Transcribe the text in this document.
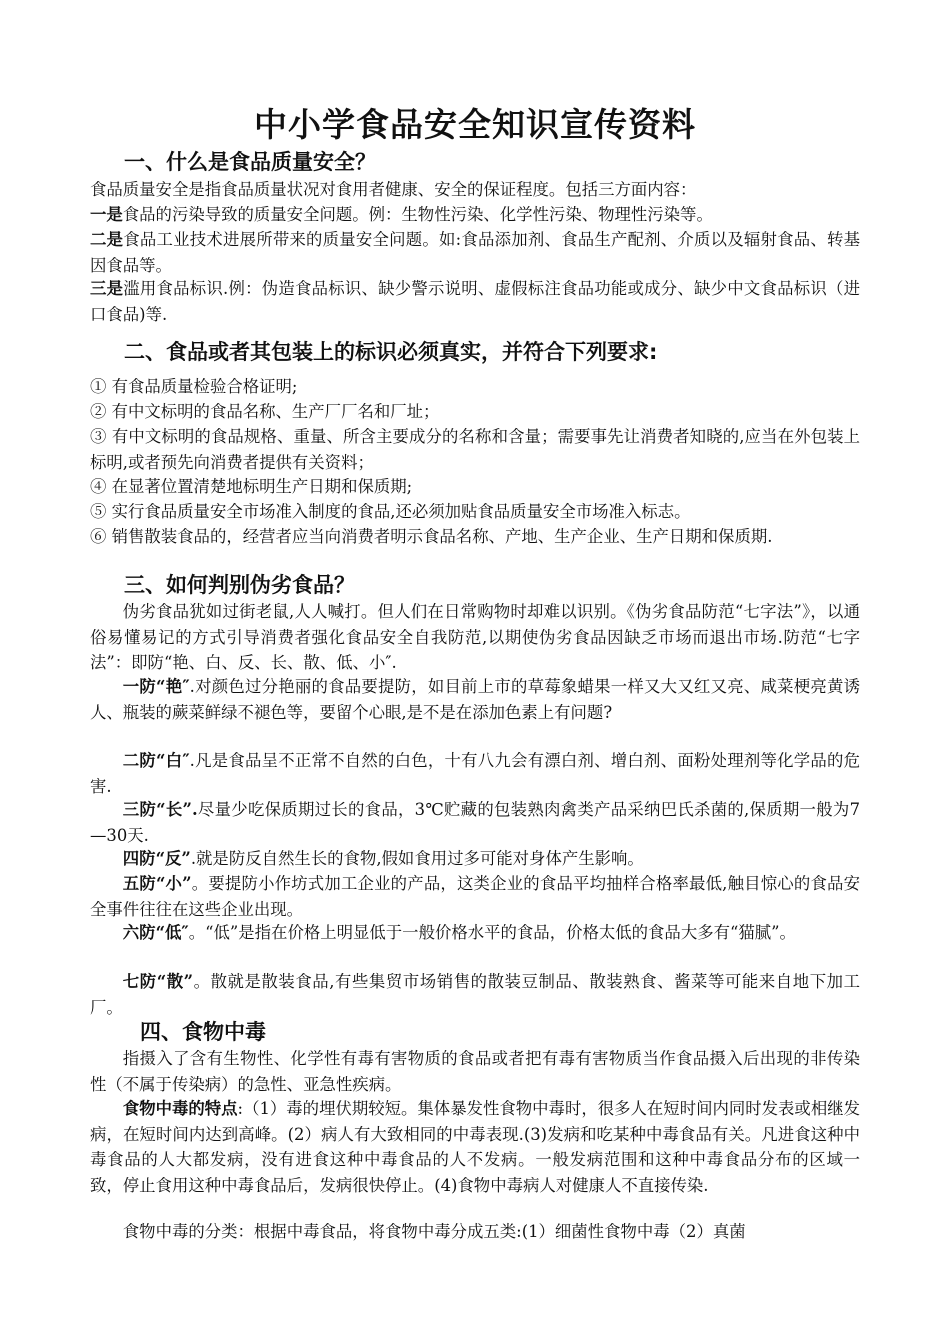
中小学食品安全知识宣传资料
一、什么是食品质量安全？

食品质量安全是指食品质量状况对食用者健康、安全的保证程度。包括三方面内容：

一是食品的污染导致的质量安全问题。例：生物性污染、化学性污染、物理性污染等。

二是食品工业技术进展所带来的质量安全问题。如:食品添加剂、食品生产配剂、介质以及辐射食品、转基因食品等。

三是滥用食品标识.例：伪造食品标识、缺少警示说明、虚假标注食品功能或成分、缺少中文食品标识（进口食品)等.

二、食品或者其包装上的标识必须真实，并符合下列要求:

① 有食品质量检验合格证明;

② 有中文标明的食品名称、生产厂厂名和厂址；

③ 有中文标明的食品规格、重量、所含主要成分的名称和含量；需要事先让消费者知晓的,应当在外包装上标明,或者预先向消费者提供有关资料；

④ 在显著位置清楚地标明生产日期和保质期;

⑤ 实行食品质量安全市场准入制度的食品,还必须加贴食品质量安全市场准入标志。

⑥ 销售散装食品的，经营者应当向消费者明示食品名称、产地、生产企业、生产日期和保质期.

三、如何判别伪劣食品？

伪劣食品犹如过街老鼠,人人喊打。但人们在日常购物时却难以识别。《伪劣食品防范“七字法”》，以通俗易懂易记的方式引导消费者强化食品安全自我防范,以期使伪劣食品因缺乏市场而退出市场.防范“七字法”：即防“艳、白、反、长、散、低、小″.

一防“艳″.对颜色过分艳丽的食品要提防，如目前上市的草莓象蜡果一样又大又红又亮、咸菜梗亮黄诱人、瓶装的蕨菜鲜绿不褪色等，要留个心眼,是不是在添加色素上有问题?

二防“白″.凡是食品呈不正常不自然的白色，十有八九会有漂白剂、增白剂、面粉处理剂等化学品的危害.

三防“长”.尽量少吃保质期过长的食品，3℃贮藏的包装熟肉禽类产品采纳巴氏杀菌的,保质期一般为7—30天.

四防“反”.就是防反自然生长的食物,假如食用过多可能对身体产生影响。

五防“小”。要提防小作坊式加工企业的产品，这类企业的食品平均抽样合格率最低,触目惊心的食品安全事件往往在这些企业出现。

六防“低″。“低”是指在价格上明显低于一般价格水平的食品，价格太低的食品大多有“猫腻”。

七防“散”。散就是散装食品,有些集贸市场销售的散装豆制品、散装熟食、酱菜等可能来自地下加工厂。

四、食物中毒

指摄入了含有生物性、化学性有毒有害物质的食品或者把有毒有害物质当作食品摄入后出现的非传染性（不属于传染病）的急性、亚急性疾病。

食物中毒的特点:（1）毒的埋伏期较短。集体暴发性食物中毒时，很多人在短时间内同时发表或相继发病，在短时间内达到高峰。(2）病人有大致相同的中毒表现.(3)发病和吃某种中毒食品有关。凡进食这种中毒食品的人大都发病，没有进食这种中毒食品的人不发病。一般发病范围和这种中毒食品分布的区域一致，停止食用这种中毒食品后，发病很快停止。(4)食物中毒病人对健康人不直接传染.

食物中毒的分类：根据中毒食品，将食物中毒分成五类:(1）细菌性食物中毒（2）真菌
